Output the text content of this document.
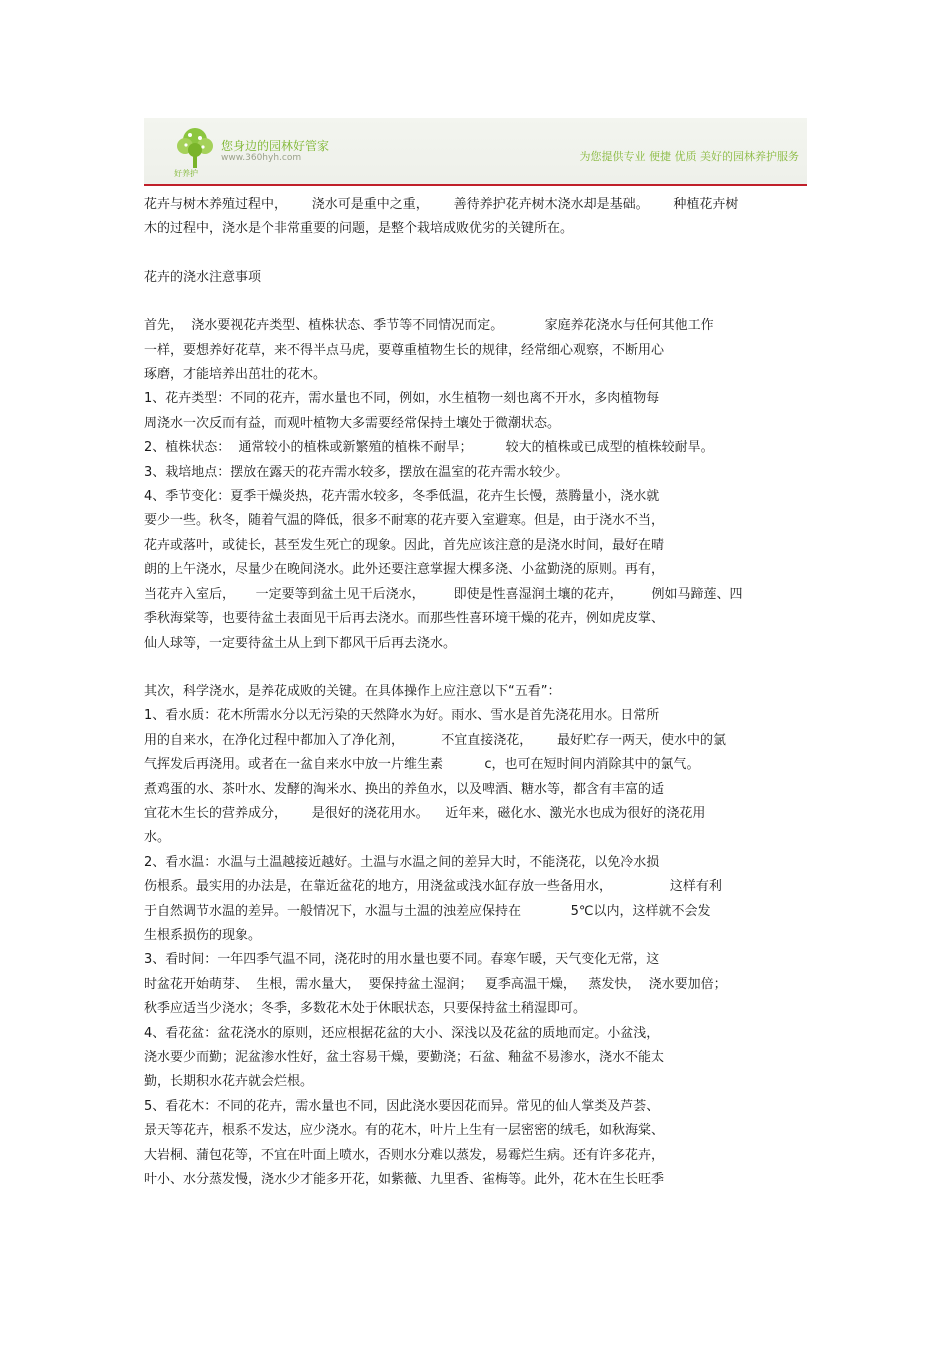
好养护
您身边的园林好管家
www.360hyh.com	为您提供专业 便捷 优质 美好的园林养护服务

花卉与树木养殖过程中，      浇水可是重中之重，      善待养护花卉树木浇水却是基础。      种植花卉树

木的过程中，浇水是个非常重要的问题，是整个栽培成败优劣的关键所在。

花卉的浇水注意事项

首先，  浇水要视花卉类型、植株状态、季节等不同情况而定。          家庭养花浇水与任何其他工作

一样，要想养好花草，来不得半点马虎，要尊重植物生长的规律，经常细心观察，不断用心

琢磨，才能培养出茁壮的花木。

1、花卉类型：不同的花卉，需水量也不同，例如，水生植物一刻也离不开水，多肉植物每

周浇水一次反而有益，而观叶植物大多需要经常保持土壤处于微潮状态。

2、植株状态：  通常较小的植株或新繁殖的植株不耐旱；        较大的植株或已成型的植株较耐旱。

3、栽培地点：摆放在露天的花卉需水较多，摆放在温室的花卉需水较少。

4、季节变化：夏季干燥炎热，花卉需水较多，冬季低温，花卉生长慢，蒸腾量小，浇水就

要少一些。秋冬，随着气温的降低，很多不耐寒的花卉要入室避寒。但是，由于浇水不当，

花卉或落叶，或徒长，甚至发生死亡的现象。因此，首先应该注意的是浇水时间，最好在晴

朗的上午浇水，尽量少在晚间浇水。此外还要注意掌握大棵多浇、小盆勤浇的原则。再有，

当花卉入室后，     一定要等到盆土见干后浇水，       即使是性喜湿润土壤的花卉，       例如马蹄莲、四

季秋海棠等，也要待盆土表面见干后再去浇水。而那些性喜环境干燥的花卉，例如虎皮掌、

仙人球等，一定要待盆土从上到下都风干后再去浇水。

其次，科学浇水，是养花成败的关键。在具体操作上应注意以下“五看”：

1、看水质：花木所需水分以无污染的天然降水为好。雨水、雪水是首先浇花用水。日常所

用的自来水，在净化过程中都加入了净化剂，         不宜直接浇花，      最好贮存一两天，使水中的氯

气挥发后再浇用。或者在一盆自来水中放一片维生素          c，也可在短时间内消除其中的氯气。

煮鸡蛋的水、茶叶水、发酵的淘米水、换出的养鱼水，以及啤酒、糖水等，都含有丰富的适

宜花木生长的营养成分，      是很好的浇花用水。    近年来，磁化水、激光水也成为很好的浇花用

水。

2、看水温：水温与土温越接近越好。土温与水温之间的差异大时，不能浇花，以免冷水损

伤根系。最实用的办法是，在靠近盆花的地方，用浇盆或浅水缸存放一些备用水，              这样有利

于自然调节水温的差异。一般情况下，水温与土温的浊差应保持在            5℃以内，这样就不会发

生根系损伤的现象。

3、看时间：一年四季气温不同，浇花时的用水量也要不同。春寒乍暖，天气变化无常，这

时盆花开始萌芽、  生根，需水量大，  要保持盆土湿润；   夏季高温干燥，   蒸发快，  浇水要加倍；

秋季应适当少浇水；冬季，多数花木处于休眠状态，只要保持盆土稍湿即可。

4、看花盆：盆花浇水的原则，还应根据花盆的大小、深浅以及花盆的质地而定。小盆浅，

浇水要少而勤；泥盆渗水性好，盆土容易干燥，要勤浇；石盆、釉盆不易渗水，浇水不能太

勤，长期积水花卉就会烂根。

5、看花木：不同的花卉，需水量也不同，因此浇水要因花而异。常见的仙人掌类及芦荟、

景天等花卉，根系不发达，应少浇水。有的花木，叶片上生有一层密密的绒毛，如秋海棠、

大岩桐、蒲包花等，不宜在叶面上喷水，否则水分难以蒸发，易霉烂生病。还有许多花卉，

叶小、水分蒸发慢，浇水少才能多开花，如紫薇、九里香、雀梅等。此外，花木在生长旺季
